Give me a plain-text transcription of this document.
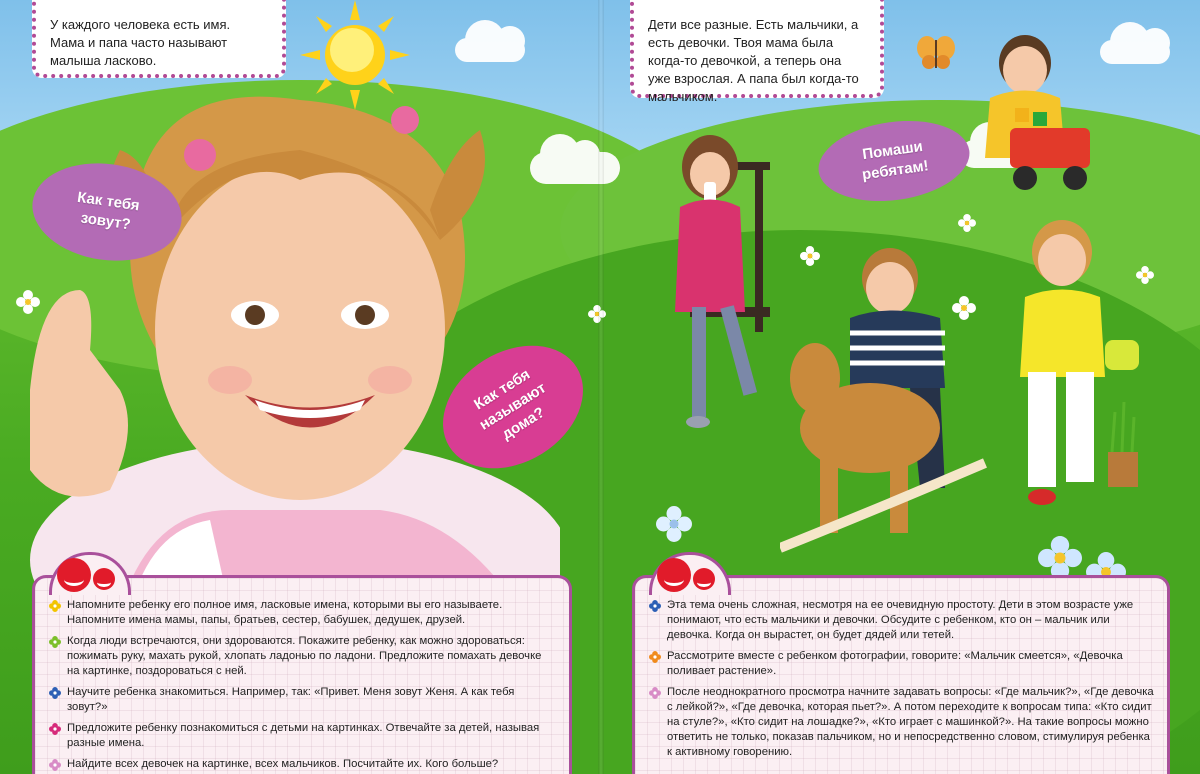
У каждого человека есть имя. Мама и папа часто называют малыша ласково.
Дети все разные. Есть мальчики, а есть девочки. Твоя мама была когда-то девочкой, а теперь она уже взрослая. А папа был когда-то мальчиком.
Как тебя зовут?
Как тебя называют дома?
Помаши ребятам!
Напомните ребенку его полное имя, ласковые имена, которыми вы его называете. Напомните имена мамы, папы, братьев, сестер, бабушек, дедушек, друзей.
Когда люди встречаются, они здороваются. Покажите ребенку, как можно здороваться: пожимать руку, махать рукой, хлопать ладонью по ладони. Предложите помахать девочке на картинке, поздороваться с ней.
Научите ребенка знакомиться. Например, так: «Привет. Меня зовут Женя. А как тебя зовут?»
Предложите ребенку познакомиться с детьми на картинках. Отвечайте за детей, называя разные имена.
Найдите всех девочек на картинке, всех мальчиков. Посчитайте их. Кого больше?
Эта тема очень сложная, несмотря на ее очевидную простоту. Дети в этом возрасте уже понимают, что есть мальчики и девочки. Обсудите с ребенком, кто он – мальчик или девочка. Когда он вырастет, он будет дядей или тетей.
Рассмотрите вместе с ребенком фотографии, говорите: «Мальчик смеется», «Девочка поливает растение».
После неоднократного просмотра начните задавать вопросы: «Где мальчик?», «Где девочка с лейкой?», «Где девочка, которая пьет?». А потом переходите к вопросам типа: «Кто сидит на стуле?», «Кто сидит на лошадке?», «Кто играет с машинкой?». На такие вопросы можно ответить не только, показав пальчиком, но и непосредственно словом, стимулируя ребенка к активному говорению.
